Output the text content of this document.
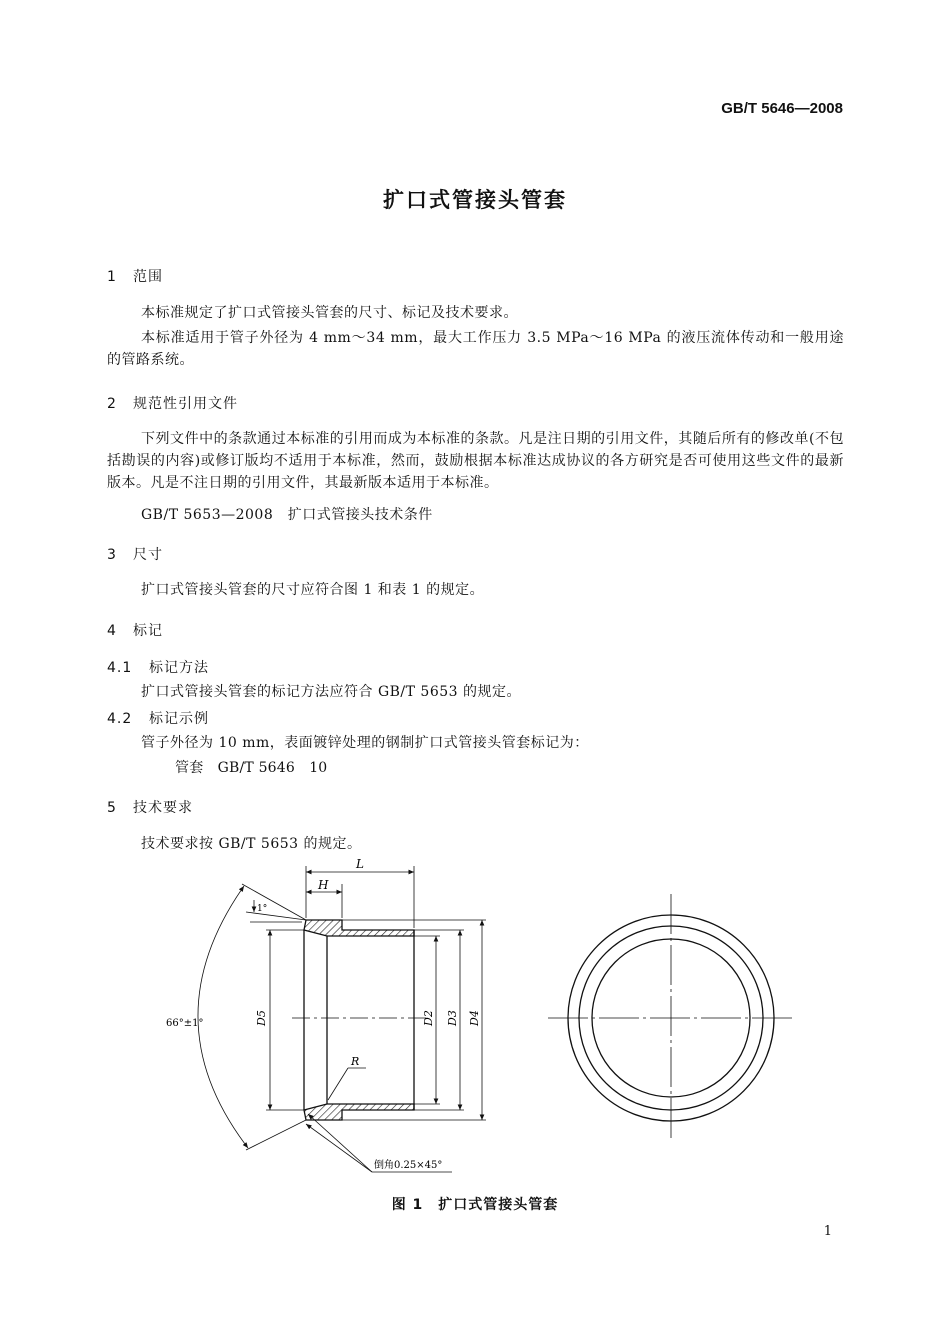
GB/T 5646—2008
扩口式管接头管套
1 范围
本标准规定了扩口式管接头管套的尺寸、标记及技术要求。
本标准适用于管子外径为 4 mm～34 mm，最大工作压力 3.5 MPa～16 MPa 的液压流体传动和一般用途的管路系统。
2 规范性引用文件
下列文件中的条款通过本标准的引用而成为本标准的条款。凡是注日期的引用文件，其随后所有的修改单(不包括勘误的内容)或修订版均不适用于本标准，然而，鼓励根据本标准达成协议的各方研究是否可使用这些文件的最新版本。凡是不注日期的引用文件，其最新版本适用于本标准。
GB/T 5653—2008　扩口式管接头技术条件
3 尺寸
扩口式管接头管套的尺寸应符合图 1 和表 1 的规定。
4 标记
4.1 标记方法
扩口式管接头管套的标记方法应符合 GB/T 5653 的规定。
4.2 标记示例
管子外径为 10 mm，表面镀锌处理的钢制扩口式管接头管套标记为：
管套　GB/T 5646　10
5 技术要求
技术要求按 GB/T 5653 的规定。
L
H
1°
66°±1°	D5	D2 D3 D4
R
倒角0.25×45°
图 1　扩口式管接头管套
1
